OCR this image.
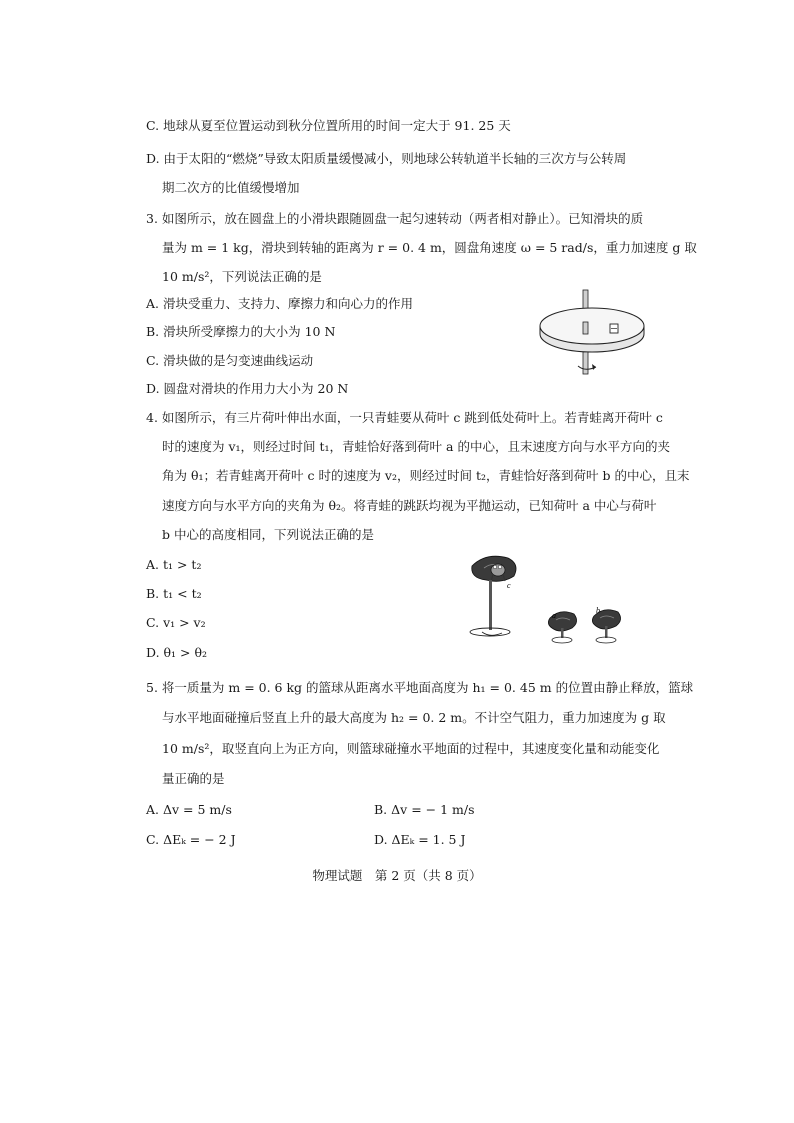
C. 地球从夏至位置运动到秋分位置所用的时间一定大于 91. 25 天
D. 由于太阳的“燃烧”导致太阳质量缓慢减小，则地球公转轨道半长轴的三次方与公转周
期二次方的比值缓慢增加
3. 如图所示，放在圆盘上的小滑块跟随圆盘一起匀速转动（两者相对静止）。已知滑块的质
量为 m = 1 kg，滑块到转轴的距离为 r = 0. 4 m，圆盘角速度 ω = 5 rad/s，重力加速度 g 取
10 m/s²，下列说法正确的是
A. 滑块受重力、支持力、摩擦力和向心力的作用
B. 滑块所受摩擦力的大小为 10 N
C. 滑块做的是匀变速曲线运动
D. 圆盘对滑块的作用力大小为 20 N
4. 如图所示，有三片荷叶伸出水面，一只青蛙要从荷叶 c 跳到低处荷叶上。若青蛙离开荷叶 c
时的速度为 v₁，则经过时间 t₁，青蛙恰好落到荷叶 a 的中心，且末速度方向与水平方向的夹
角为 θ₁；若青蛙离开荷叶 c 时的速度为 v₂，则经过时间 t₂，青蛙恰好落到荷叶 b 的中心，且末
速度方向与水平方向的夹角为 θ₂。将青蛙的跳跃均视为平抛运动，已知荷叶 a 中心与荷叶
b 中心的高度相同，下列说法正确的是
A. t₁ > t₂
B. t₁ < t₂
C. v₁ > v₂
D. θ₁ > θ₂
c
a
b
5. 将一质量为 m = 0. 6 kg 的篮球从距离水平地面高度为 h₁ = 0. 45 m 的位置由静止释放，篮球
与水平地面碰撞后竖直上升的最大高度为 h₂ = 0. 2 m。不计空气阻力，重力加速度为 g 取
10 m/s²，取竖直向上为正方向，则篮球碰撞水平地面的过程中，其速度变化量和动能变化
量正确的是
A. Δv = 5 m/s	B. Δv = − 1 m/s
C. ΔEₖ = − 2 J	D. ΔEₖ = 1. 5 J
物理试题　第 2 页（共 8 页）
